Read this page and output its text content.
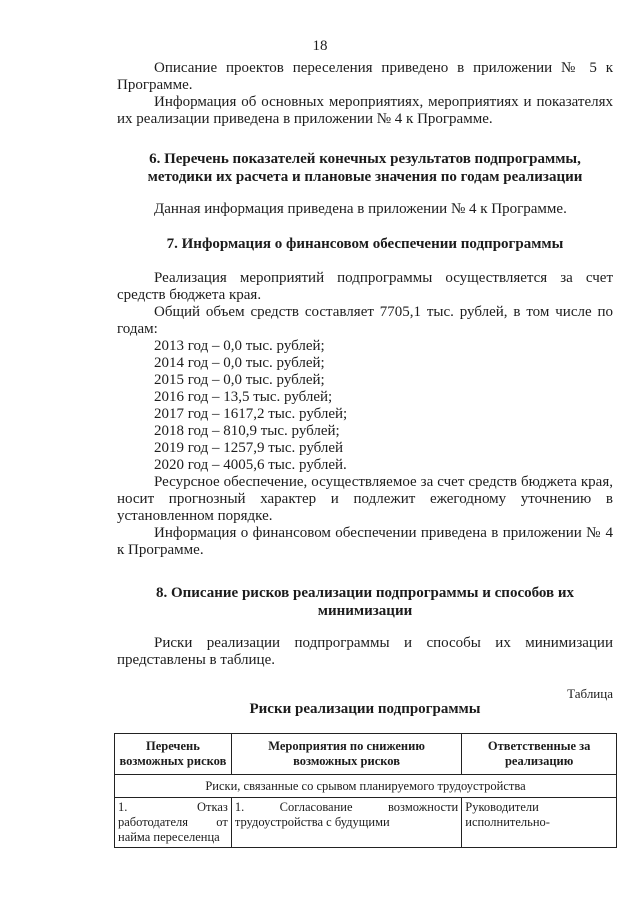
18

Описание проектов переселения приведено в приложении № 5 к Программе.

Информация об основных мероприятиях, мероприятиях и показателях их реализации приведена в приложении № 4 к Программе.

6. Перечень показателей конечных результатов подпрограммы, методики их расчета и плановые значения по годам реализации

Данная информация приведена в приложении № 4 к Программе.

7. Информация о финансовом обеспечении подпрограммы

Реализация мероприятий подпрограммы осуществляется за счет средств бюджета края.

Общий объем средств составляет 7705,1 тыс. рублей, в том числе по годам:

2013 год – 0,0 тыс. рублей;
2014 год – 0,0 тыс. рублей;
2015 год – 0,0 тыс. рублей;
2016 год – 13,5 тыс. рублей;
2017 год – 1617,2 тыс. рублей;
2018 год – 810,9 тыс. рублей;
2019 год – 1257,9 тыс. рублей
2020 год – 4005,6 тыс. рублей.

Ресурсное обеспечение, осуществляемое за счет средств бюджета края, носит прогнозный характер и подлежит ежегодному уточнению в установленном порядке.

Информация о финансовом обеспечении приведена в приложении № 4 к Программе.

8. Описание рисков реализации подпрограммы и способов их минимизации

Риски реализации подпрограммы и способы их минимизации представлены в таблице.

Таблица
Риски реализации подпрограммы
Перечень возможных рисков	Мероприятия по снижению возможных рисков	Ответственные за реализацию
Риски, связанные со срывом планируемого трудоустройства		
1. Отказ работодателя от найма переселенца	1. Согласование возможности трудоустройства с будущими	Руководители исполнительно-
